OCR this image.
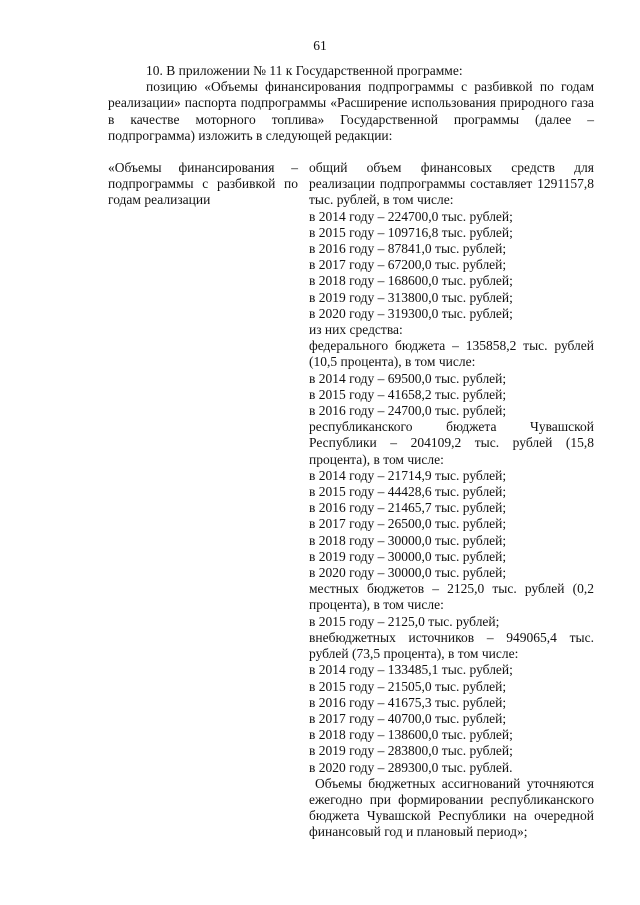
61

10. В приложении № 11 к Государственной программе:

позицию «Объемы финансирования подпрограммы с разбивкой по годам реализации» паспорта подпрограммы «Расширение использования природного газа в качестве моторного топлива» Государственной программы (далее – подпрограмма) изложить в следующей редакции:

«Объемы финансирования – подпрограммы с разбивкой по годам реализации
общий объем финансовых средств для реализации подпрограммы составляет 1291157,8 тыс. рублей, в том числе:
в 2014 году – 224700,0 тыс. рублей;
в 2015 году – 109716,8 тыс. рублей;
в 2016 году – 87841,0 тыс. рублей;
в 2017 году – 67200,0 тыс. рублей;
в 2018 году – 168600,0 тыс. рублей;
в 2019 году – 313800,0 тыс. рублей;
в 2020 году – 319300,0 тыс. рублей;
из них средства:
федерального бюджета – 135858,2 тыс. рублей (10,5 процента), в том числе:
в 2014 году – 69500,0 тыс. рублей;
в 2015 году – 41658,2 тыс. рублей;
в 2016 году – 24700,0 тыс. рублей;
республиканского бюджета Чувашской Республики – 204109,2 тыс. рублей (15,8 процента), в том числе:
в 2014 году – 21714,9 тыс. рублей;
в 2015 году – 44428,6 тыс. рублей;
в 2016 году – 21465,7 тыс. рублей;
в 2017 году – 26500,0 тыс. рублей;
в 2018 году – 30000,0 тыс. рублей;
в 2019 году – 30000,0 тыс. рублей;
в 2020 году – 30000,0 тыс. рублей;
местных бюджетов – 2125,0 тыс. рублей (0,2 процента), в том числе:
в 2015 году – 2125,0 тыс. рублей;
внебюджетных источников – 949065,4 тыс. рублей (73,5 процента), в том числе:
в 2014 году – 133485,1 тыс. рублей;
в 2015 году – 21505,0 тыс. рублей;
в 2016 году – 41675,3 тыс. рублей;
в 2017 году – 40700,0 тыс. рублей;
в 2018 году – 138600,0 тыс. рублей;
в 2019 году – 283800,0 тыс. рублей;
в 2020 году – 289300,0 тыс. рублей.
Объемы бюджетных ассигнований уточняются ежегодно при формировании республиканского бюджета Чувашской Республики на очередной финансовый год и плановый период»;
